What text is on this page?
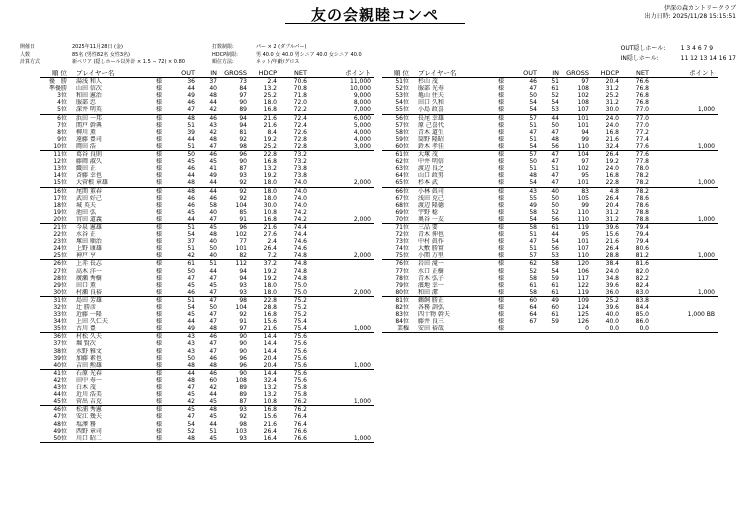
友の会親睦コンペ	伊深の森カントリークラブ
出力日時: 2025/11/28 15:15:51
開催日	2025年11月28日 (金)	打数制限:	パー × 2 (ダブルパー)
人数	85名 (男性82名 女性3名)	HDCP制限:	男 40.0 女 40.0 男シニア 40.0 女シニア 40.0
計算方式	新ペリア (隠しホール以外計 × 1.5 − 72) × 0.80	順位方法:	ネット/年齢/グロス
OUT隠しホール:	1 3 4 6 7 9
IN隠しホール:	11 12 13 14 16 17
順 位	プレイヤー名		OUT	IN	GROSS	HDCP	NET	ポイント
優　勝	湯浅 和人	様	36	37	73	2.4	70.6	11,000
準優勝	山田 信次	様	44	40	84	13.2	70.8	10,000
3位	和田 憲治	様	49	48	97	25.2	71.8	9,000
4位	服部 忠	様	46	44	90	18.0	72.0	8,000
5位	深井 明英	様	47	42	89	16.8	72.2	7,000
6位	浜田 一邦	様	48	46	94	21.6	72.4	6,000
7位	関戸 幹典	様	51	43	94	21.6	72.4	5,000
8位	柳川 薫	様	39	42	81	8.4	72.6	4,000
9位	遠藤 豊司	様	44	48	92	19.2	72.8	4,000
10位	岡田 浩	様	51	47	98	25.2	72.8	3,000
11位	葛谷 良則	様	50	46	96	22.8	73.2	
12位	藤岡 淑久	様	45	45	90	16.8	73.2	
13位	織田 正	様	46	41	87	13.2	73.8	
14位	斉藤 幸也	様	44	49	93	19.2	73.8	
15位	大菅根 章雄	様	48	44	92	18.0	74.0	2,000
16位	尾関 董春	様	48	44	92	18.0	74.0	
17位	武田 好己	様	46	46	92	18.0	74.0	
18位	城 英夫	様	46	58	104	30.0	74.0	
19位	池田 弘	様	45	40	85	10.8	74.2	
20位	宮田 道義	様	44	47	91	16.8	74.2	2,000
21位	今泉 憲雄	様	51	45	96	21.6	74.4	
22位	水谷 正	様	54	48	102	27.6	74.4	
23位	塚田 順治	様	37	40	77	2.4	74.6	
24位	上野 康雄	様	51	50	101	26.4	74.6	
25位	神戸 亨	様	42	40	82	7.2	74.8	2,000
26位	上赤 長志	様	61	51	112	37.2	74.8	
27位	高木 洋一	様	50	44	94	19.2	74.8	
28位	廣瀬 秀樹	様	47	47	94	19.2	74.8	
29位	田口 薫	様	45	45	93	18.0	75.0	
30位	村瀬 良裕	様	46	47	93	18.0	75.0	2,000
31位	島田 芳雄	様	51	47	98	22.8	75.2	
32位	辻 勝彦	様	54	50	104	28.8	75.2	
33位	近藤 一隆	様	45	47	92	16.8	75.2	
34位	上田 久仁夫	様	44	47	91	15.6	75.4	
35位	古川 豊	様	49	48	97	21.6	75.4	1,000
36位	村松 久夫	様	43	46	90	14.4	75.6	
37位	堀 賢次	様	43	47	90	14.4	75.6	
38位	水野 雅文	様	43	47	90	14.4	75.6	
39位	加藤 素也	様	50	46	96	20.4	75.6	
40位	吉田 勲雄	様	48	48	96	20.4	75.6	1,000
41位	石原 光春	様	44	46	90	14.4	75.6	
42位	田中 寿一	様	48	60	108	32.4	75.6	
43位	白木 茂	様	47	42	89	13.2	75.8	
44位	近川 浩美	様	45	44	89	13.2	75.8	
45位	菅出 吉克	様	42	45	87	10.8	76.2	1,000
46位	松浦 秀憲	様	45	48	93	16.8	76.2	
47位	安江 幾夫	様	47	45	92	15.6	76.4	
48位	塩澤 務	様	54	44	98	21.6	76.4	
49位	西野 章司	様	52	51	103	26.4	76.6	
50位	川口 昭二	様	48	45	93	16.4	76.6	1,000
順 位	プレイヤー名		OUT	IN	GROSS	HDCP	NET	ポイント
51位	杉山 茂	様	46	51	97	20.4	76.6	
52位	服部 光寿	様	47	61	108	31.2	76.8	
53位	亀山 住夫	様	50	52	102	25.2	76.8	
54位	田口 久和	様	54	54	108	31.2	76.8	
55位	小島 政喜	様	54	53	107	30.0	77.0	1,000
56位	長尾 幸雄	様	57	44	101	24.0	77.0	
57位	原 己喜代	様	51	50	101	24.0	77.0	
58位	青木 道生	様	47	47	94	16.8	77.2	
59位	筒野 隆昭	様	51	48	99	21.6	77.4	
60位	鈴木 孝佳	様	54	56	110	32.4	77.6	1,000
61位	大塚 茂	様	57	47	104	26.4	77.6	
62位	中井 明信	様	50	47	97	19.2	77.8	
63位	渡辺 良之	様	51	51	102	24.0	78.0	
64位	山口 政男	様	48	47	95	16.8	78.2	
65位	杉本 武	様	54	47	101	22.8	78.2	1,000
66位	小林 眞司	様	43	40	83	4.8	78.2	
67位	浅田 克己	様	55	50	105	26.4	78.6	
68位	渡辺 隆德	様	49	50	99	20.4	78.6	
69位	宇野 稔	様	58	52	110	31.2	78.8	
70位	奥谷 一友	様	54	56	110	31.2	78.8	1,000
71位	三品 要	様	58	61	119	39.6	79.4	
72位	青木 伸也	様	51	44	95	15.6	79.4	
73位	中村 眞作	様	47	54	101	21.6	79.4	
74位	大敷 勝實	様	51	56	107	26.4	80.6	
75位	小関 万里	様	57	53	110	28.8	81.2	1,000
76位	岩田 滝一	様	62	58	120	38.4	81.6	
77位	水口 正樹	様	52	54	106	24.0	82.0	
78位	青木 弘子	様	58	59	117	34.8	82.2	
79位	濱地 幸一	様	61	61	122	39.6	82.4	
80位	和田 潔	様	58	61	119	36.0	83.0	1,000
81位	鵜飼 勝正	様	60	49	109	25.2	83.8	
82位	各務 訓弘	様	64	60	124	39.6	84.4	
83位	四十物 幹夫	様	64	61	125	40.0	85.0	1,000 BB
84位	藤井 良三	様	67	59	126	40.0	86.0	
業権	安田 裕哉	様			0	0.0	0.0	
